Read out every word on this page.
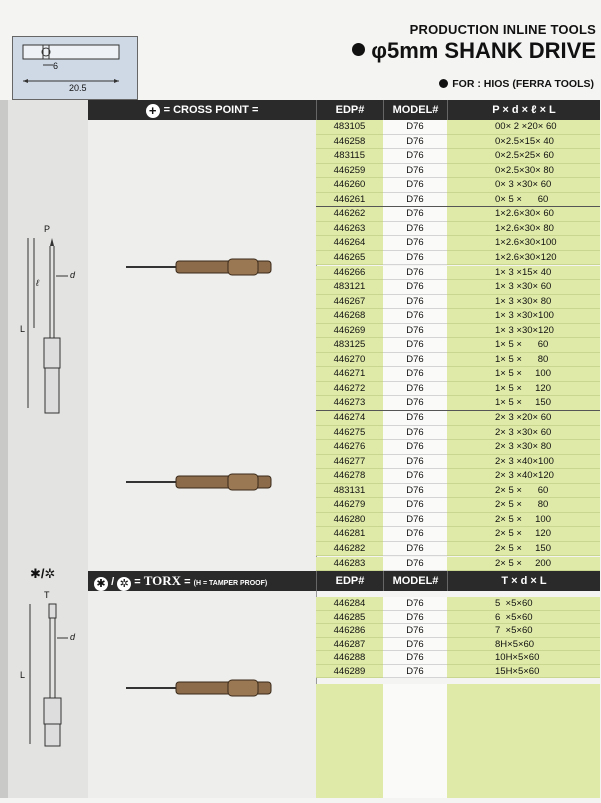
PRODUCTION INLINE TOOLS
φ5mm SHANK DRIVE
FOR : HIOS (FERRA TOOLS)
6
20.5
+ = CROSS POINT =	EDP#	MODEL#	P × d × ℓ × L
P
d
ℓ
L
✱ / ✲ = TORX = (H = TAMPER PROOF)	EDP#	MODEL#	T × d × L
✱/✲
T
d
L
483105	D76	00× 2 ×20× 60
446258	D76	0×2.5×15× 40
483115	D76	0×2.5×25× 60
446259	D76	0×2.5×30× 80
446260	D76	0× 3 ×30× 60
446261	D76	0× 5 ×      60
446262	D76	1×2.6×30× 60
446263	D76	1×2.6×30× 80
446264	D76	1×2.6×30×100
446265	D76	1×2.6×30×120
446266	D76	1× 3 ×15× 40
483121	D76	1× 3 ×30× 60
446267	D76	1× 3 ×30× 80
446268	D76	1× 3 ×30×100
446269	D76	1× 3 ×30×120
483125	D76	1× 5 ×      60
446270	D76	1× 5 ×      80
446271	D76	1× 5 ×     100
446272	D76	1× 5 ×     120
446273	D76	1× 5 ×     150
446274	D76	2× 3 ×20× 60
446275	D76	2× 3 ×30× 60
446276	D76	2× 3 ×30× 80
446277	D76	2× 3 ×40×100
446278	D76	2× 3 ×40×120
483131	D76	2× 5 ×      60
446279	D76	2× 5 ×      80
446280	D76	2× 5 ×     100
446281	D76	2× 5 ×     120
446282	D76	2× 5 ×     150
446283	D76	2× 5 ×     200
446284	D76	5  ×5×60
446285	D76	6  ×5×60
446286	D76	7  ×5×60
446287	D76	8H×5×60
446288	D76	10H×5×60
446289	D76	15H×5×60
